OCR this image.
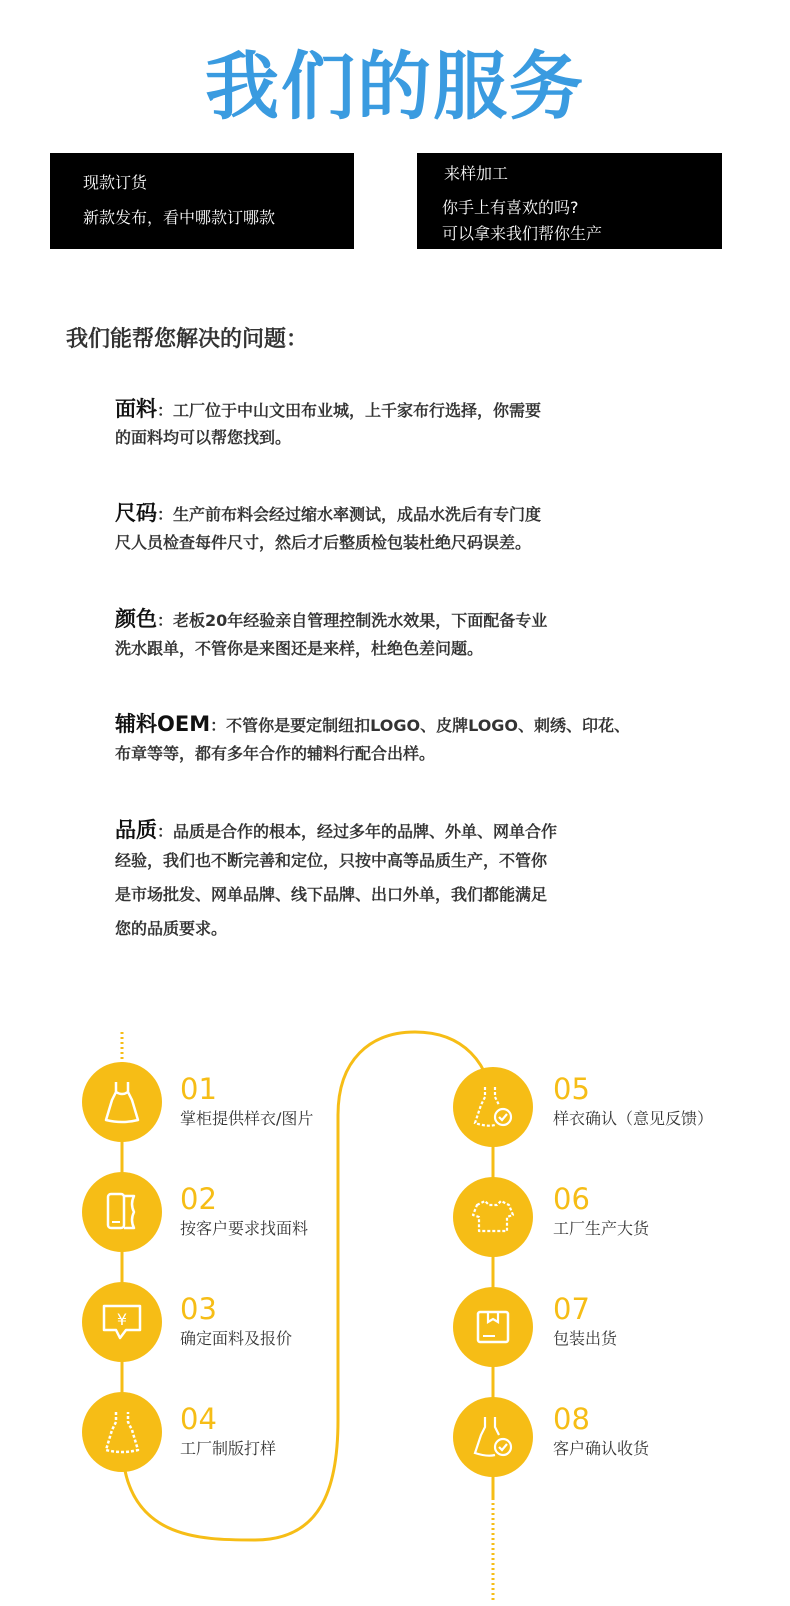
我们的服务
现款订货
新款发布，看中哪款订哪款
来样加工
你手上有喜欢的吗?
可以拿来我们帮你生产
我们能帮您解决的问题：
面料：工厂位于中山文田布业城，上千家布行选择，你需要
的面料均可以帮您找到。
尺码：生产前布料会经过缩水率测试，成品水洗后有专门度
尺人员检查每件尺寸，然后才后整质检包装杜绝尺码误差。
颜色：老板20年经验亲自管理控制洗水效果，下面配备专业
洗水跟单，不管你是来图还是来样，杜绝色差问题。
辅料OEM：不管你是要定制纽扣LOGO、皮牌LOGO、刺绣、印花、
布章等等，都有多年合作的辅料行配合出样。
品质：品质是合作的根本，经过多年的品牌、外单、网单合作
经验，我们也不断完善和定位，只按中高等品质生产，不管你
是市场批发、网单品牌、线下品牌、出口外单，我们都能满足
您的品质要求。
¥
01
掌柜提供样衣/图片
02
按客户要求找面料
03
确定面料及报价
04
工厂制版打样
05
样衣确认（意见反馈）
06
工厂生产大货
07
包装出货
08
客户确认收货
